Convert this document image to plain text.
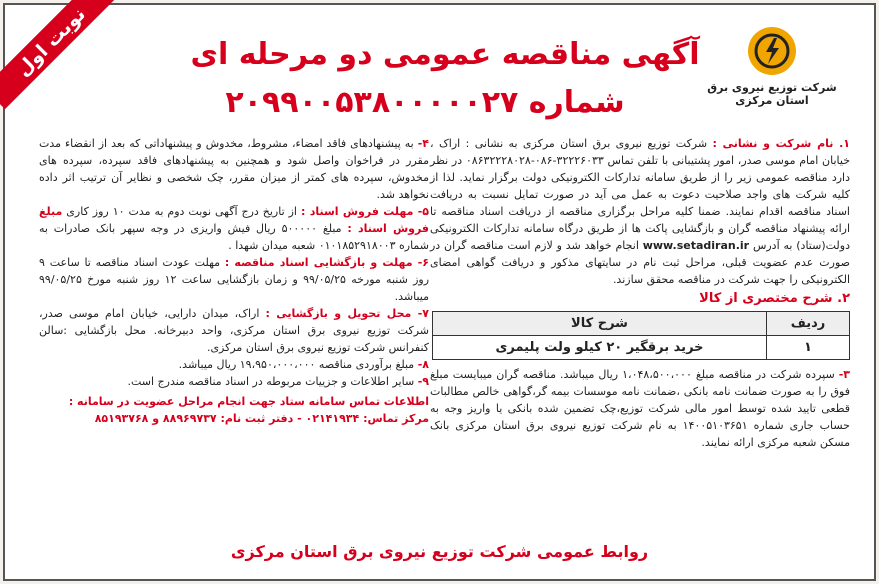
نوبت اول
شرکت توزیع نیروی برق استان مرکزی
آگهی مناقصه عمومی دو مرحله ای
شماره ۲۰۹۹۰۰۵۳۸۰۰۰۰۰۲۷
۱. نام شرکت و نشانی : شرکت توزیع نیروی برق استان مرکزی به نشانی : اراک ، خیابان امام موسی صدر، امور پشتیبانی با تلفن تماس ۳۲۲۲۶۰۳۳-۰۸۶-۰۸۶۳۲۲۲۸۰۲۸ در نظر دارد مناقصه عمومی زیر را از طریق سامانه تدارکات الکترونیکی دولت برگزار نماید. لذا از کلیه شرکت های واجد صلاحیت دعوت به عمل می آید در صورت تمایل نسبت به دریافت اسناد مناقصه اقدام نمایند. ضمنا کلیه مراحل برگزاری مناقصه از دریافت اسناد مناقصه تا ارائه پیشنهاد مناقصه گران و بازگشایی پاکت ها از طریق درگاه سامانه تدارکات الکترونیکی دولت(ستاد) به آدرس www.setadiran.ir انجام خواهد شد و لازم است مناقصه گران در صورت عدم عضویت قبلی، مراحل ثبت نام در سایتهای مذکور و دریافت گواهی امضای الکترونیکی را جهت شرکت در مناقصه محقق سازند.
۲. شرح مختصری از کالا
ردیف	شرح کالا
۱	خرید برقگیر ۲۰ کیلو ولت پلیمری
۳- سپرده شرکت در مناقصه مبلغ ۱،۰۴۸،۵۰۰،۰۰۰ ریال میباشد. مناقصه گران میبایست مبلغ فوق را به صورت ضمانت نامه بانکی ،ضمانت نامه موسسات بیمه گر،گواهی خالص مطالبات قطعی تایید شده توسط امور مالی شرکت توزیع،چک تضمین شده بانکی یا واریز وجه به حساب جاری شماره ۱۴۰۰۵۱۰۳۶۵۱ به نام شرکت توزیع نیروی برق استان مرکزی بانک مسکن شعبه مرکزی ارائه نمایند.
۴- به پیشنهادهای فاقد امضاء، مشروط، مخدوش و پیشنهاداتی که بعد از انقضاء مدت مقرر در فراخوان واصل شود و همچنین به پیشنهادهای فاقد سپرده، سپرده های مخدوش، سپرده های کمتر از میزان مقرر، چک شخصی و نظایر آن ترتیب اثر داده نخواهد شد.
۵- مهلت فروش اسناد : از تاریخ درج آگهی نوبت دوم به مدت ۱۰ روز کاری مبلغ فروش اسناد : مبلغ ۵۰۰۰۰۰ ریال فیش واریزی در وجه سپهر بانک صادرات به شماره ۰۱۰۱۸۵۲۹۱۸۰۰۳ شعبه میدان شهدا .
۶- مهلت و بازگشایی اسناد مناقصه : مهلت عودت اسناد مناقصه تا ساعت ۹ روز شنبه مورخه ۹۹/۰۵/۲۵ و زمان بازگشایی ساعت ۱۲ روز شنبه مورخ ۹۹/۰۵/۲۵ میباشد.
۷- محل تحویل و بازگشایی : اراک، میدان دارایی، خیابان امام موسی صدر، شرکت توزیع نیروی برق استان مرکزی، واحد دبیرخانه. محل بازگشایی :سالن کنفرانس شرکت توزیع نیروی برق استان مرکزی.
۸- مبلغ برآوردی مناقصه ۱۹،۹۵۰،۰۰۰،۰۰۰ ریال میباشد.
۹- سایر اطلاعات و جزییات مربوطه در اسناد مناقصه مندرج است.
اطلاعات تماس سامانه ستاد جهت انجام مراحل عضویت در سامانه :
مرکز تماس: ۰۲۱۴۱۹۳۴ - دفتر ثبت نام: ۸۸۹۶۹۷۳۷ و ۸۵۱۹۳۷۶۸
روابط عمومی شرکت توزیع نیروی برق استان مرکزی
